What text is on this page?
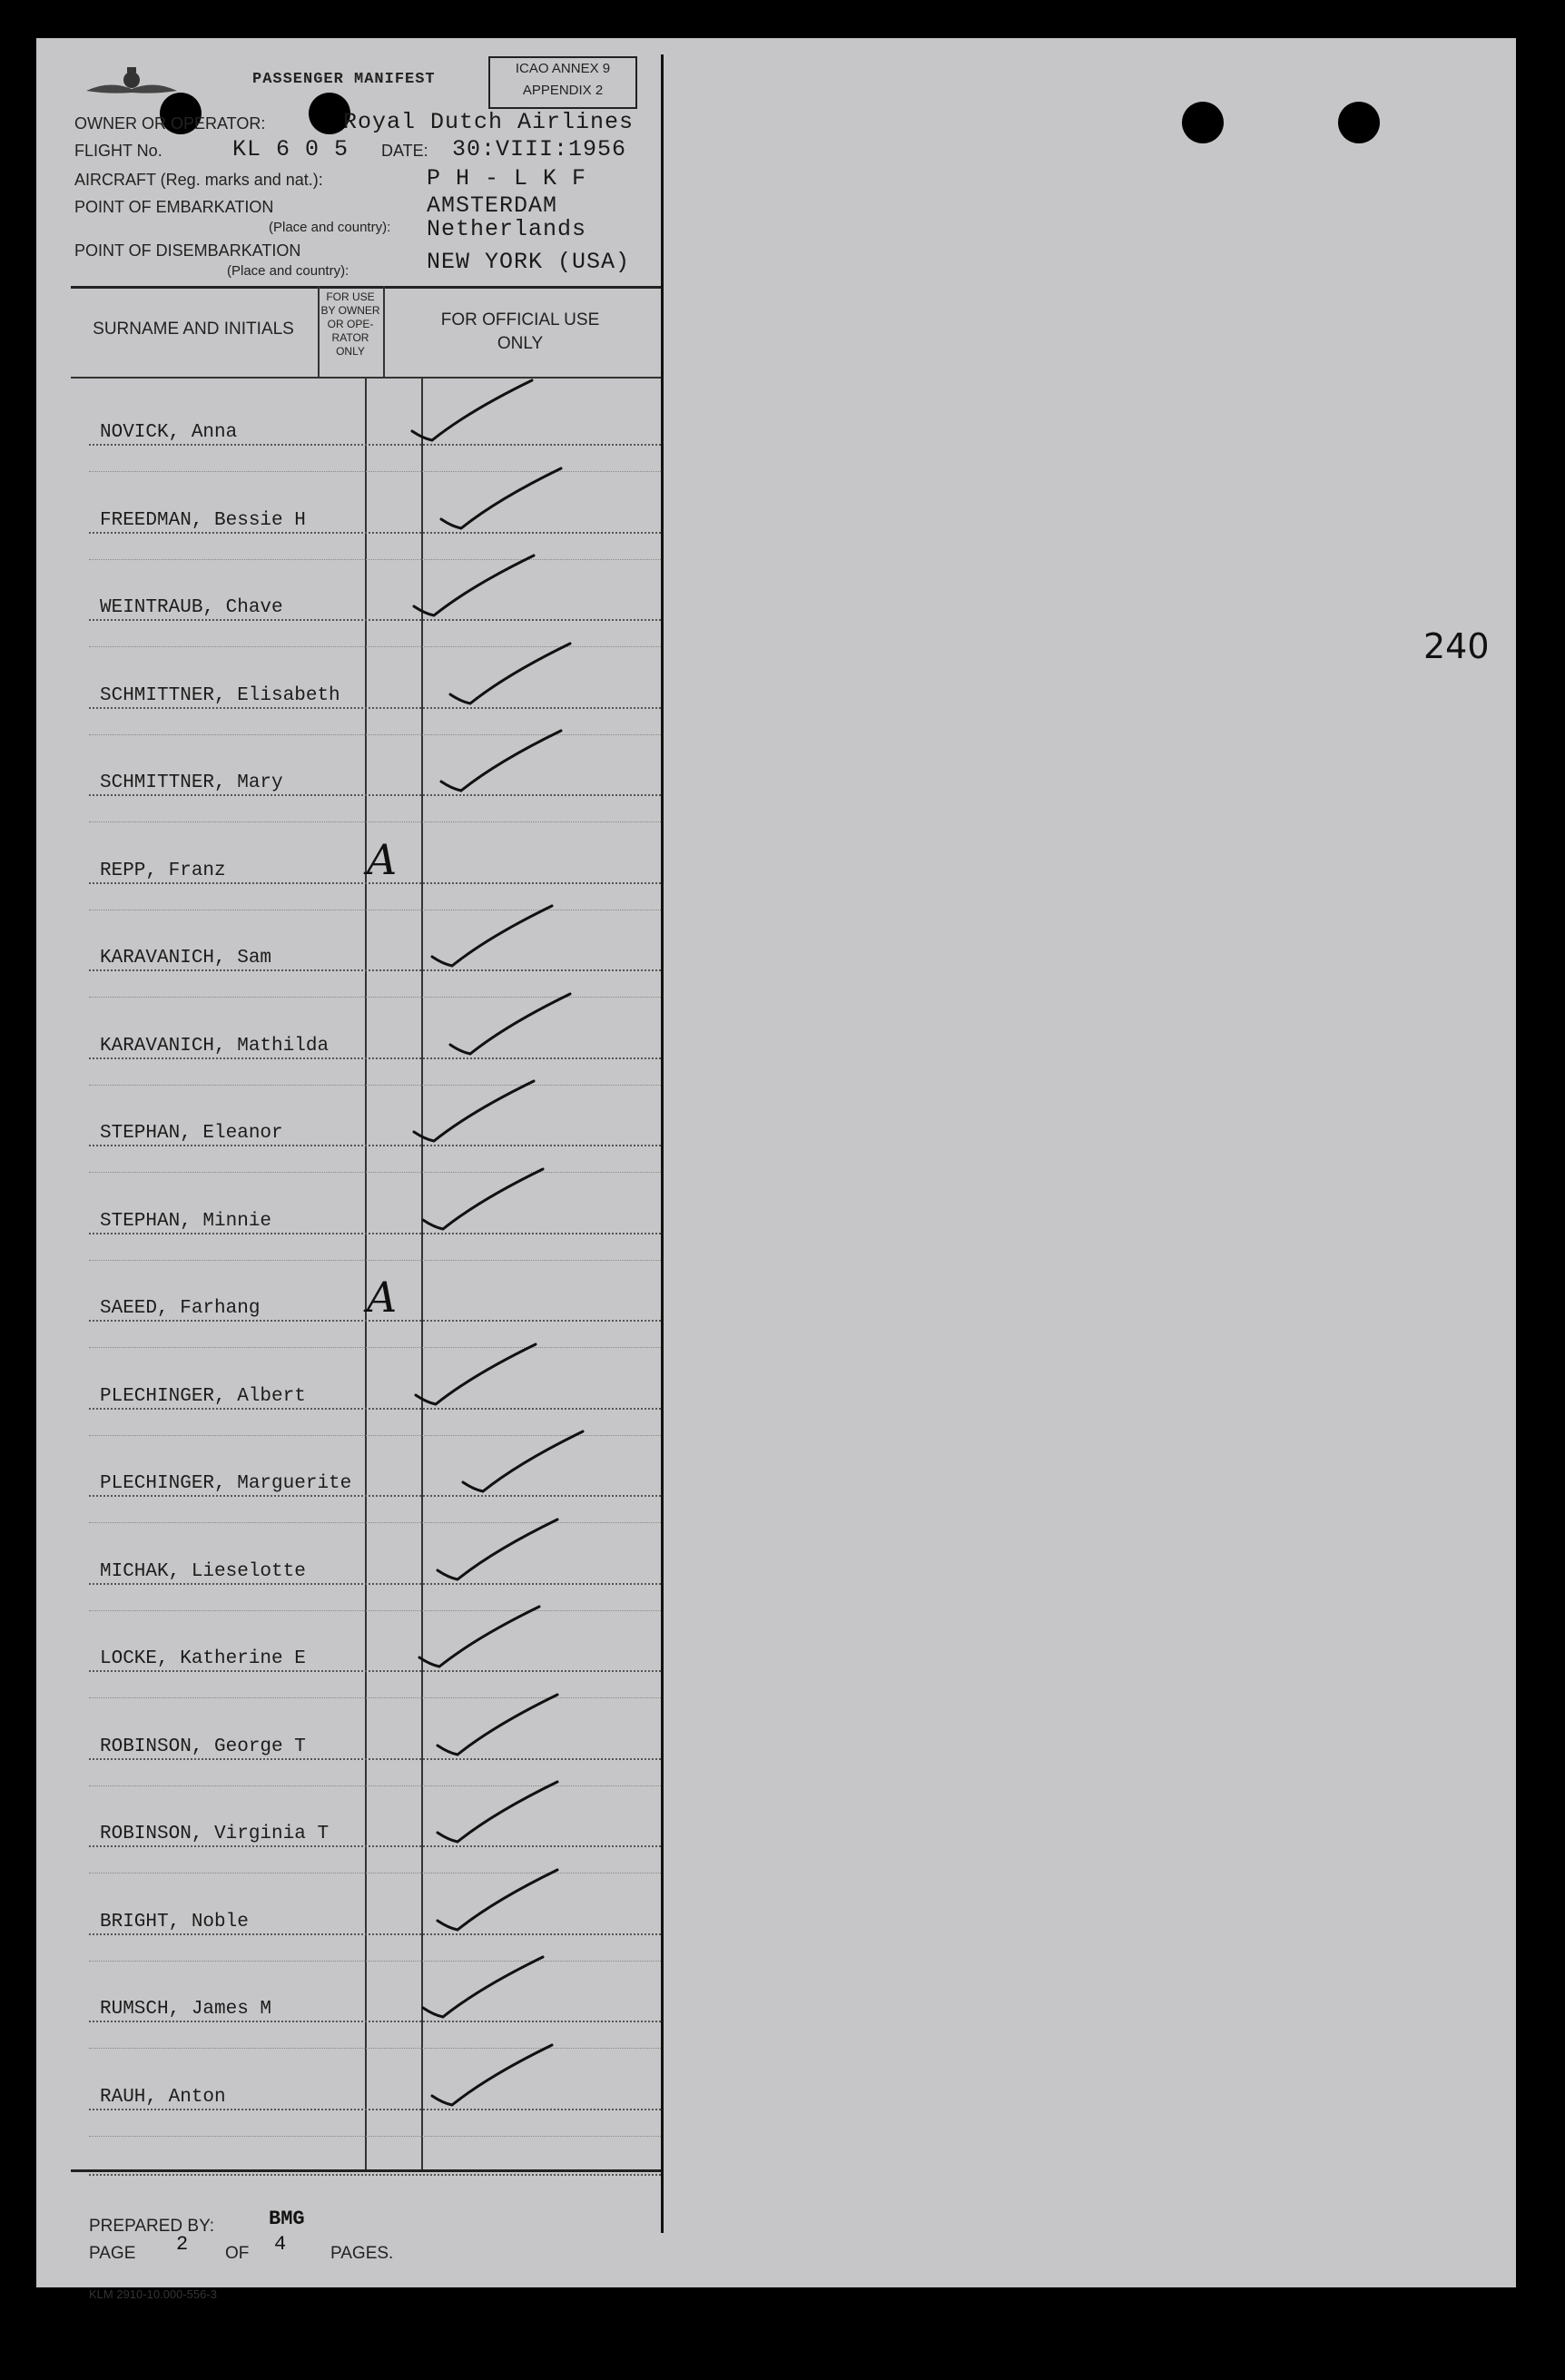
240
PASSENGER MANIFEST
ICAO ANNEX 9
APPENDIX 2
OWNER OR OPERATOR:	Royal Dutch Airlines
FLIGHT No.	KL 6 0 5 DATE: 30:VIII:1956
AIRCRAFT (Reg. marks and nat.):	P H - L K F
POINT OF EMBARKATION	AMSTERDAM
(Place and country): Netherlands
POINT OF DISEMBARKATION
(Place and country):	NEW YORK (USA)
SURNAME AND INITIALS
FOR USE BY OWNER OR OPE-RATOR ONLY
FOR OFFICIAL USE ONLY
NOVICK, Anna
FREEDMAN, Bessie H
WEINTRAUB, Chave
SCHMITTNER, Elisabeth
SCHMITTNER, Mary
REPP, Franz	A
KARAVANICH, Sam
KARAVANICH, Mathilda
STEPHAN, Eleanor
STEPHAN, Minnie
SAEED, Farhang	A
PLECHINGER, Albert
PLECHINGER, Marguerite
MICHAK, Lieselotte
LOCKE, Katherine E
ROBINSON, George T
ROBINSON, Virginia T
BRIGHT, Noble
RUMSCH, James M
RAUH, Anton
PREPARED BY:	BMG
PAGE 2 OF 4	PAGES.
KLM 2910-10.000-556-3
